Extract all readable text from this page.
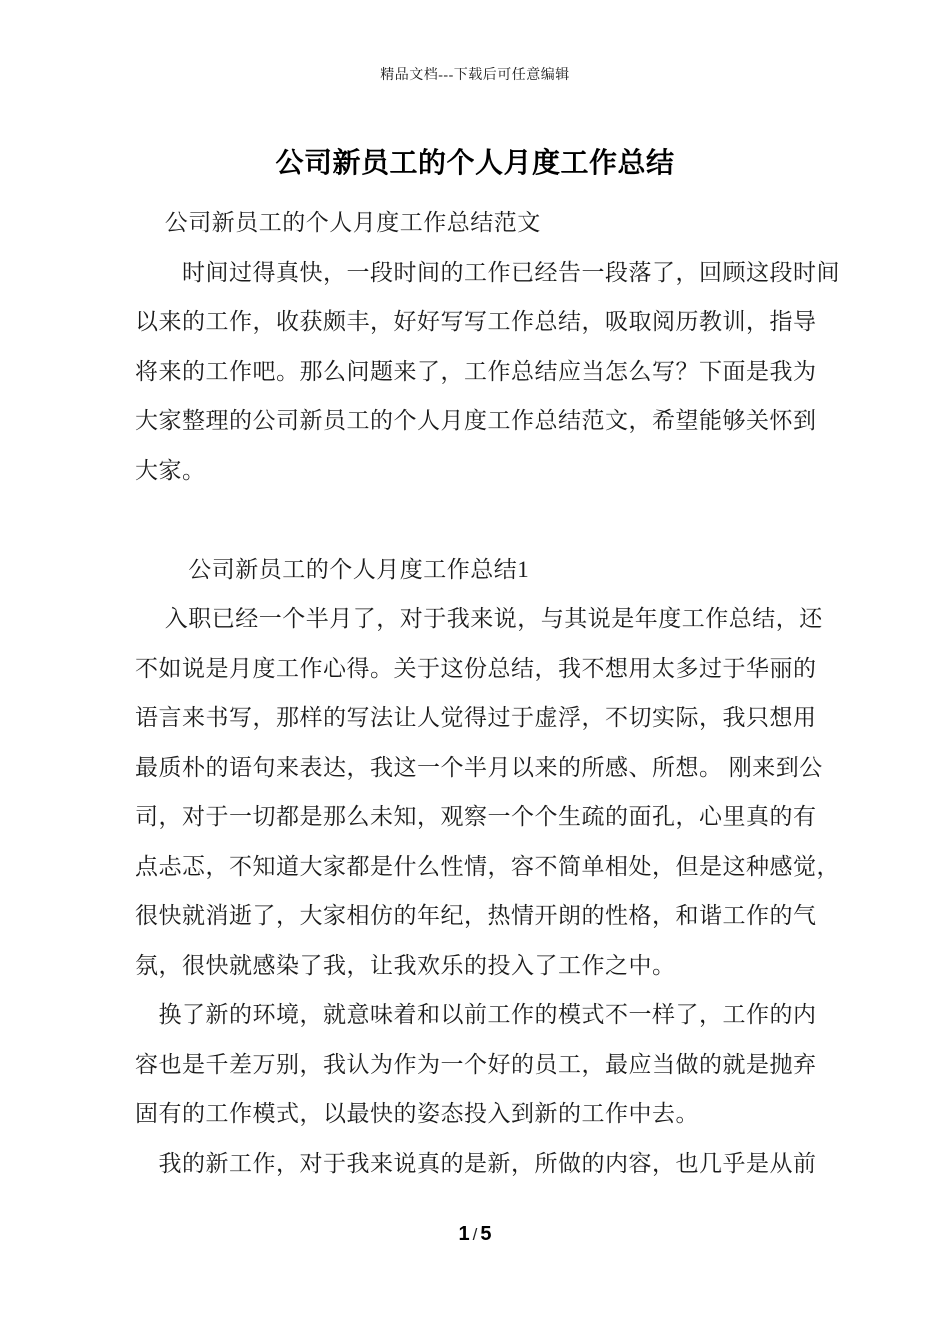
精品文档---下载后可任意编辑
公司新员工的个人月度工作总结
　 公司新员工的个人月度工作总结范文
　　时间过得真快，一段时间的工作已经告一段落了，回顾这段时间
以来的工作，收获颇丰，好好写写工作总结，吸取阅历教训，指导
将来的工作吧。那么问题来了，工作总结应当怎么写？下面是我为
大家整理的公司新员工的个人月度工作总结范文，希望能够关怀到
大家。
　　 公司新员工的个人月度工作总结1
　 入职已经一个半月了，对于我来说，与其说是年度工作总结，还
不如说是月度工作心得。关于这份总结，我不想用太多过于华丽的
语言来书写，那样的写法让人觉得过于虚浮，不切实际，我只想用
最质朴的语句来表达，我这一个半月以来的所感、所想。 刚来到公
司，对于一切都是那么未知，观察一个个生疏的面孔，心里真的有
点忐忑，不知道大家都是什么性情，容不简单相处，但是这种感觉，
很快就消逝了，大家相仿的年纪，热情开朗的性格，和谐工作的气
氛，很快就感染了我，让我欢乐的投入了工作之中。
　换了新的环境，就意味着和以前工作的模式不一样了，工作的内
容也是千差万别，我认为作为一个好的员工，最应当做的就是抛弃
固有的工作模式，以最快的姿态投入到新的工作中去。
　我的新工作，对于我来说真的是新，所做的内容，也几乎是从前
1 / 5
